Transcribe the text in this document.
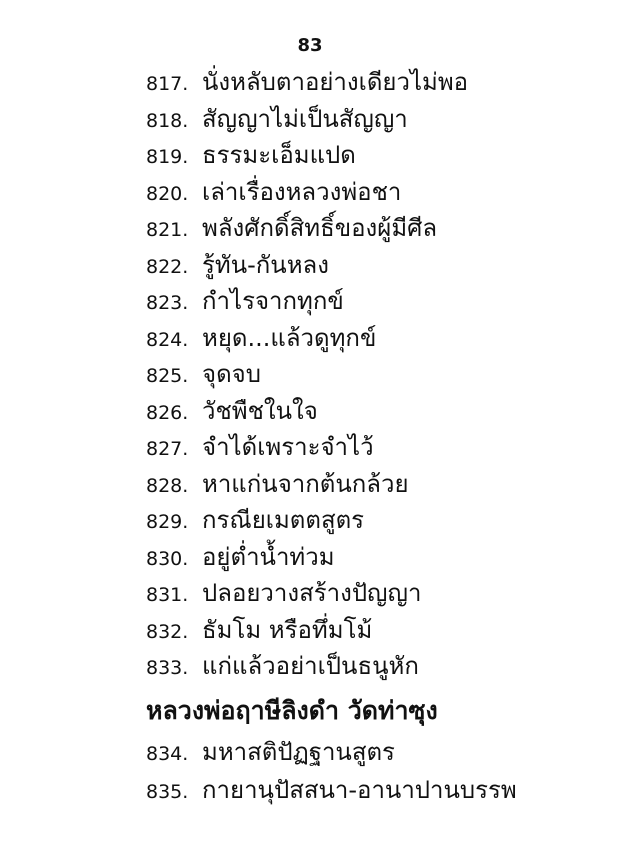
83
817. นั่งหลับตาอย่างเดียวไม่พอ
818. สัญญาไม่เป็นสัญญา
819. ธรรมะเอ็มแปด
820. เล่าเรื่องหลวงพ่อชา
821. พลังศักดิ์สิทธิ์ของผู้มีศีล
822. รู้ทัน-กันหลง
823. กำไรจากทุกข์
824. หยุด...แล้วดูทุกข์
825. จุดจบ
826. วัชพืชในใจ
827. จำได้เพราะจำไว้
828. หาแก่นจากต้นกล้วย
829. กรณียเมตตสูตร
830. อยู่ต่ำน้ำท่วม
831. ปลอยวางสร้างปัญญา
832. ธัมโม หรือทึ่มโม้
833. แก่แล้วอย่าเป็นธนูหัก
หลวงพ่อฤาษีลิงดำ วัดท่าซุง
834. มหาสติปัฏฐานสูตร
835. กายานุปัสสนา-อานาปานบรรพ
